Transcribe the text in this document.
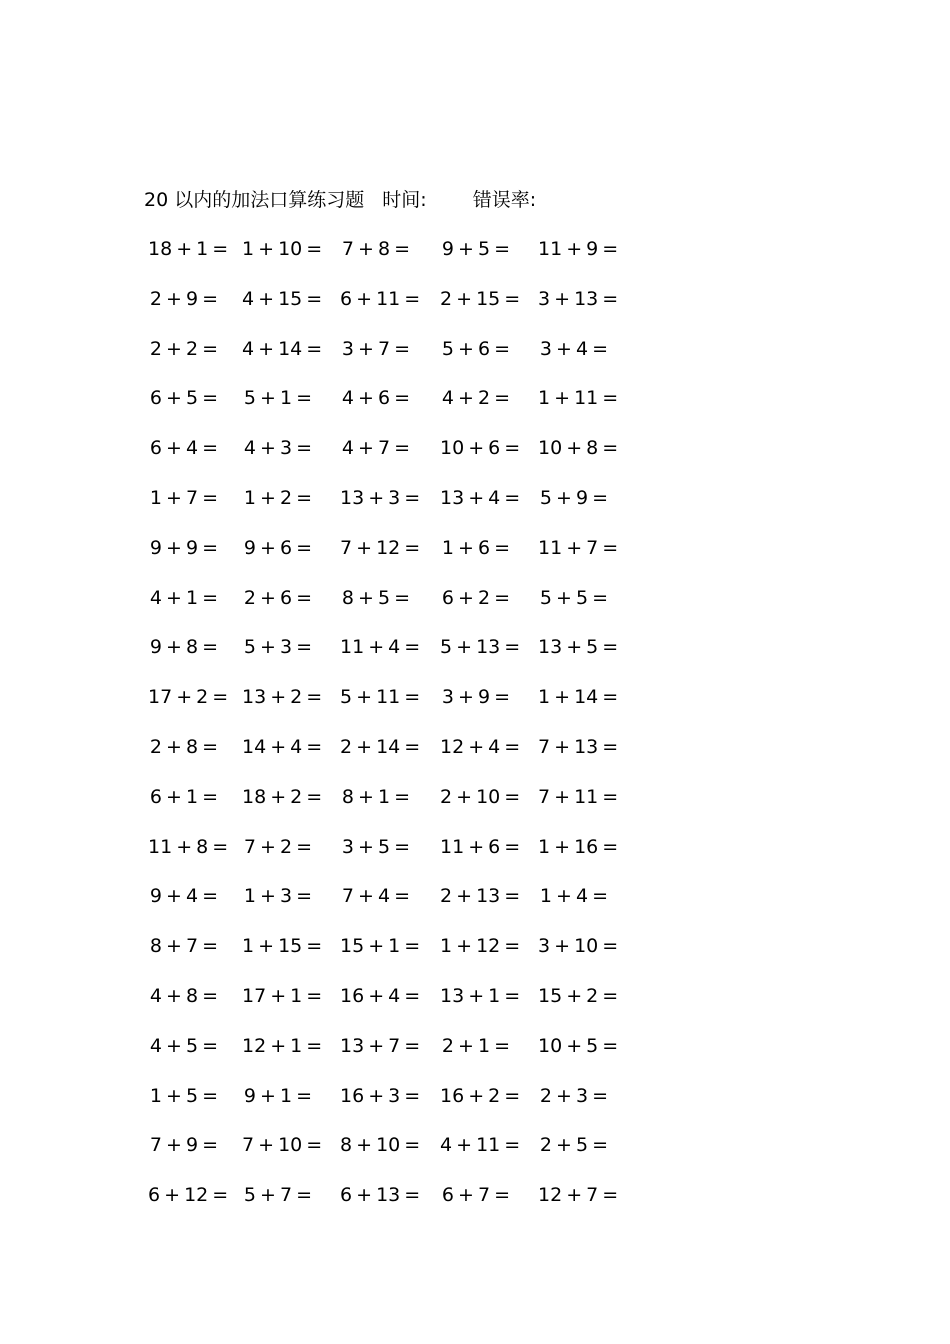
20 以内的加法口算练习题 时间: 错误率:
18 + 1 = 1 + 10 = 7 + 8 = 9 + 5 = 11 + 9 =
2 + 9 = 4 + 15 = 6 + 11 = 2 + 15 = 3 + 13 =
2 + 2 = 4 + 14 = 3 + 7 = 5 + 6 = 3 + 4 =
6 + 5 = 5 + 1 = 4 + 6 = 4 + 2 = 1 + 11 =
6 + 4 = 4 + 3 = 4 + 7 = 10 + 6 = 10 + 8 =
1 + 7 = 1 + 2 = 13 + 3 = 13 + 4 = 5 + 9 =
9 + 9 = 9 + 6 = 7 + 12 = 1 + 6 = 11 + 7 =
4 + 1 = 2 + 6 = 8 + 5 = 6 + 2 = 5 + 5 =
9 + 8 = 5 + 3 = 11 + 4 = 5 + 13 = 13 + 5 =
17 + 2 = 13 + 2 = 5 + 11 = 3 + 9 = 1 + 14 =
2 + 8 = 14 + 4 = 2 + 14 = 12 + 4 = 7 + 13 =
6 + 1 = 18 + 2 = 8 + 1 = 2 + 10 = 7 + 11 =
11 + 8 = 7 + 2 = 3 + 5 = 11 + 6 = 1 + 16 =
9 + 4 = 1 + 3 = 7 + 4 = 2 + 13 = 1 + 4 =
8 + 7 = 1 + 15 = 15 + 1 = 1 + 12 = 3 + 10 =
4 + 8 = 17 + 1 = 16 + 4 = 13 + 1 = 15 + 2 =
4 + 5 = 12 + 1 = 13 + 7 = 2 + 1 = 10 + 5 =
1 + 5 = 9 + 1 = 16 + 3 = 16 + 2 = 2 + 3 =
7 + 9 = 7 + 10 = 8 + 10 = 4 + 11 = 2 + 5 =
6 + 12 = 5 + 7 = 6 + 13 = 6 + 7 = 12 + 7 =
